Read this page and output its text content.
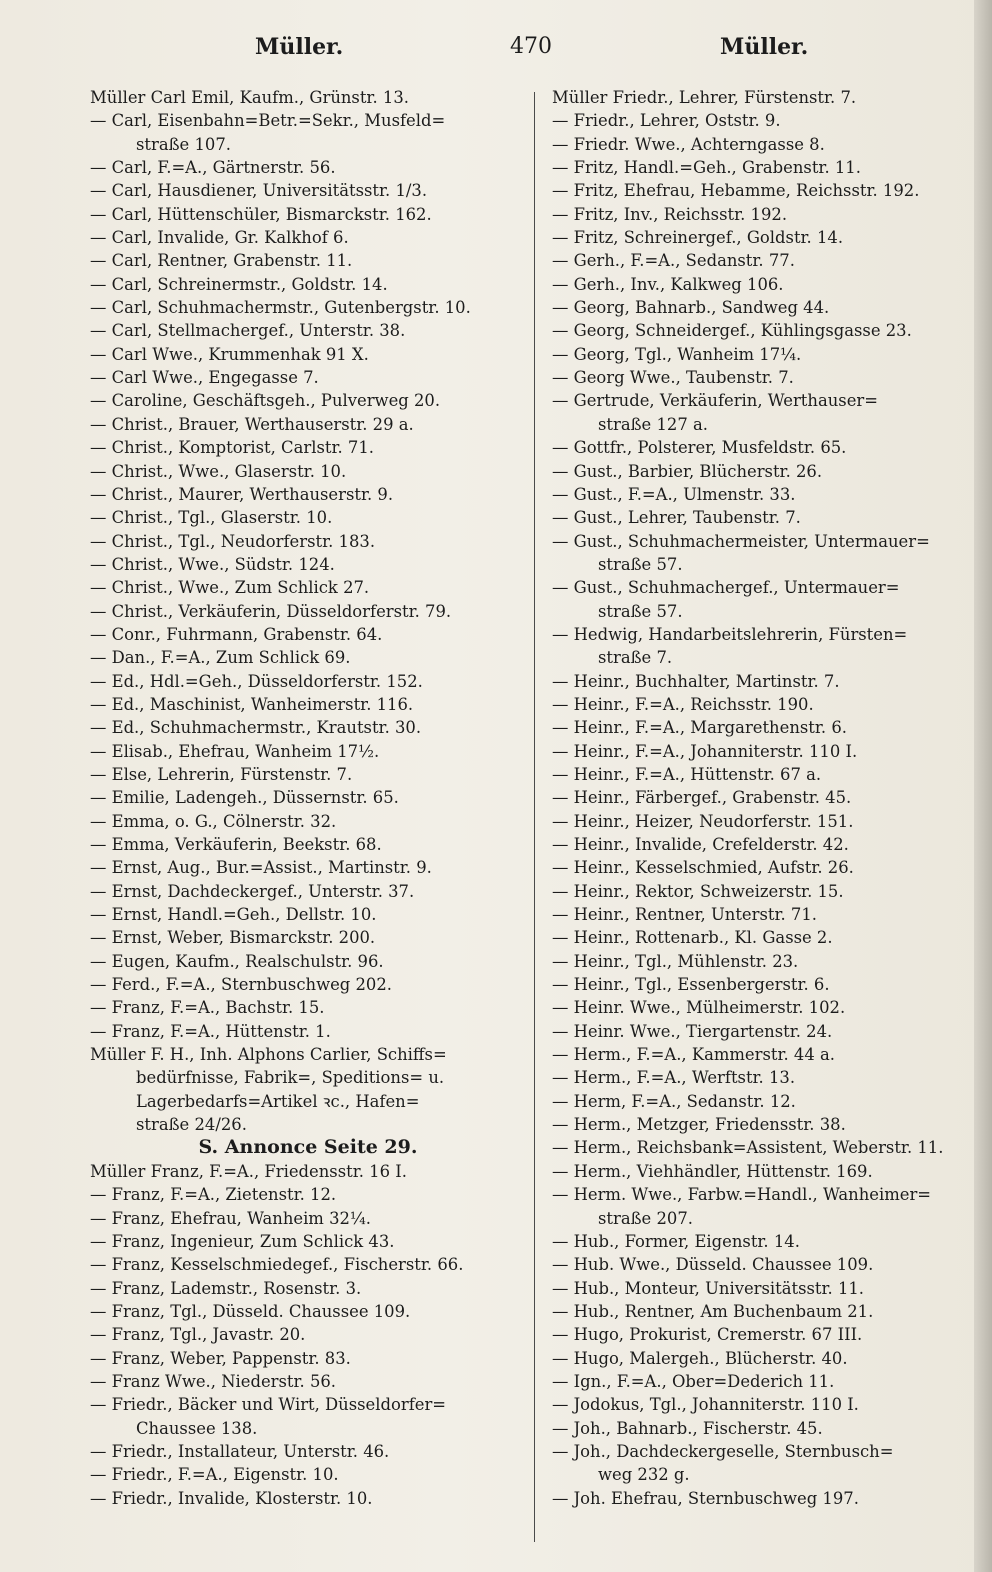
Müller.	470	Müller.
Müller Carl Emil, Kaufm., Grünstr. 13.
— Carl, Eisenbahn=Betr.=Sekr., Musfeld=
straße 107.
— Carl, F.=A., Gärtnerstr. 56.
— Carl, Hausdiener, Universitätsstr. 1/3.
— Carl, Hüttenschüler, Bismarckstr. 162.
— Carl, Invalide, Gr. Kalkhof 6.
— Carl, Rentner, Grabenstr. 11.
— Carl, Schreinermstr., Goldstr. 14.
— Carl, Schuhmachermstr., Gutenbergstr. 10.
— Carl, Stellmachergef., Unterstr. 38.
— Carl Wwe., Krummenhak 91 X.
— Carl Wwe., Engegasse 7.
— Caroline, Geschäftsgeh., Pulverweg 20.
— Christ., Brauer, Werthauserstr. 29 a.
— Christ., Komptorist, Carlstr. 71.
— Christ., Wwe., Glaserstr. 10.
— Christ., Maurer, Werthauserstr. 9.
— Christ., Tgl., Glaserstr. 10.
— Christ., Tgl., Neudorferstr. 183.
— Christ., Wwe., Südstr. 124.
— Christ., Wwe., Zum Schlick 27.
— Christ., Verkäuferin, Düsseldorferstr. 79.
— Conr., Fuhrmann, Grabenstr. 64.
— Dan., F.=A., Zum Schlick 69.
— Ed., Hdl.=Geh., Düsseldorferstr. 152.
— Ed., Maschinist, Wanheimerstr. 116.
— Ed., Schuhmachermstr., Krautstr. 30.
— Elisab., Ehefrau, Wanheim 17½.
— Else, Lehrerin, Fürstenstr. 7.
— Emilie, Ladengeh., Düssernstr. 65.
— Emma, o. G., Cölnerstr. 32.
— Emma, Verkäuferin, Beekstr. 68.
— Ernst, Aug., Bur.=Assist., Martinstr. 9.
— Ernst, Dachdeckergef., Unterstr. 37.
— Ernst, Handl.=Geh., Dellstr. 10.
— Ernst, Weber, Bismarckstr. 200.
— Eugen, Kaufm., Realschulstr. 96.
— Ferd., F.=A., Sternbuschweg 202.
— Franz, F.=A., Bachstr. 15.
— Franz, F.=A., Hüttenstr. 1.
Müller F. H., Inh. Alphons Carlier, Schiffs=
bedürfnisse, Fabrik=, Speditions= u.
Lagerbedarfs=Artikel ꝛc., Hafen=
straße 24/26.
S. Annonce Seite 29.
Müller Franz, F.=A., Friedensstr. 16 I.
— Franz, F.=A., Zietenstr. 12.
— Franz, Ehefrau, Wanheim 32¼.
— Franz, Ingenieur, Zum Schlick 43.
— Franz, Kesselschmiedegef., Fischerstr. 66.
— Franz, Lademstr., Rosenstr. 3.
— Franz, Tgl., Düsseld. Chaussee 109.
— Franz, Tgl., Javastr. 20.
— Franz, Weber, Pappenstr. 83.
— Franz Wwe., Niederstr. 56.
— Friedr., Bäcker und Wirt, Düsseldorfer=
Chaussee 138.
— Friedr., Installateur, Unterstr. 46.
— Friedr., F.=A., Eigenstr. 10.
— Friedr., Invalide, Klosterstr. 10.
Müller Friedr., Lehrer, Fürstenstr. 7.
— Friedr., Lehrer, Oststr. 9.
— Friedr. Wwe., Achterngasse 8.
— Fritz, Handl.=Geh., Grabenstr. 11.
— Fritz, Ehefrau, Hebamme, Reichsstr. 192.
— Fritz, Inv., Reichsstr. 192.
— Fritz, Schreinergef., Goldstr. 14.
— Gerh., F.=A., Sedanstr. 77.
— Gerh., Inv., Kalkweg 106.
— Georg, Bahnarb., Sandweg 44.
— Georg, Schneidergef., Kühlingsgasse 23.
— Georg, Tgl., Wanheim 17¼.
— Georg Wwe., Taubenstr. 7.
— Gertrude, Verkäuferin, Werthauser=
straße 127 a.
— Gottfr., Polsterer, Musfeldstr. 65.
— Gust., Barbier, Blücherstr. 26.
— Gust., F.=A., Ulmenstr. 33.
— Gust., Lehrer, Taubenstr. 7.
— Gust., Schuhmachermeister, Untermauer=
straße 57.
— Gust., Schuhmachergef., Untermauer=
straße 57.
— Hedwig, Handarbeitslehrerin, Fürsten=
straße 7.
— Heinr., Buchhalter, Martinstr. 7.
— Heinr., F.=A., Reichsstr. 190.
— Heinr., F.=A., Margarethenstr. 6.
— Heinr., F.=A., Johanniterstr. 110 I.
— Heinr., F.=A., Hüttenstr. 67 a.
— Heinr., Färbergef., Grabenstr. 45.
— Heinr., Heizer, Neudorferstr. 151.
— Heinr., Invalide, Crefelderstr. 42.
— Heinr., Kesselschmied, Aufstr. 26.
— Heinr., Rektor, Schweizerstr. 15.
— Heinr., Rentner, Unterstr. 71.
— Heinr., Rottenarb., Kl. Gasse 2.
— Heinr., Tgl., Mühlenstr. 23.
— Heinr., Tgl., Essenbergerstr. 6.
— Heinr. Wwe., Mülheimerstr. 102.
— Heinr. Wwe., Tiergartenstr. 24.
— Herm., F.=A., Kammerstr. 44 a.
— Herm., F.=A., Werftstr. 13.
— Herm, F.=A., Sedanstr. 12.
— Herm., Metzger, Friedensstr. 38.
— Herm., Reichsbank=Assistent, Weberstr. 11.
— Herm., Viehhändler, Hüttenstr. 169.
— Herm. Wwe., Farbw.=Handl., Wanheimer=
straße 207.
— Hub., Former, Eigenstr. 14.
— Hub. Wwe., Düsseld. Chaussee 109.
— Hub., Monteur, Universitätsstr. 11.
— Hub., Rentner, Am Buchenbaum 21.
— Hugo, Prokurist, Cremerstr. 67 III.
— Hugo, Malergeh., Blücherstr. 40.
— Ign., F.=A., Ober=Dederich 11.
— Jodokus, Tgl., Johanniterstr. 110 I.
— Joh., Bahnarb., Fischerstr. 45.
— Joh., Dachdeckergeselle, Sternbusch=
weg 232 g.
— Joh. Ehefrau, Sternbuschweg 197.
